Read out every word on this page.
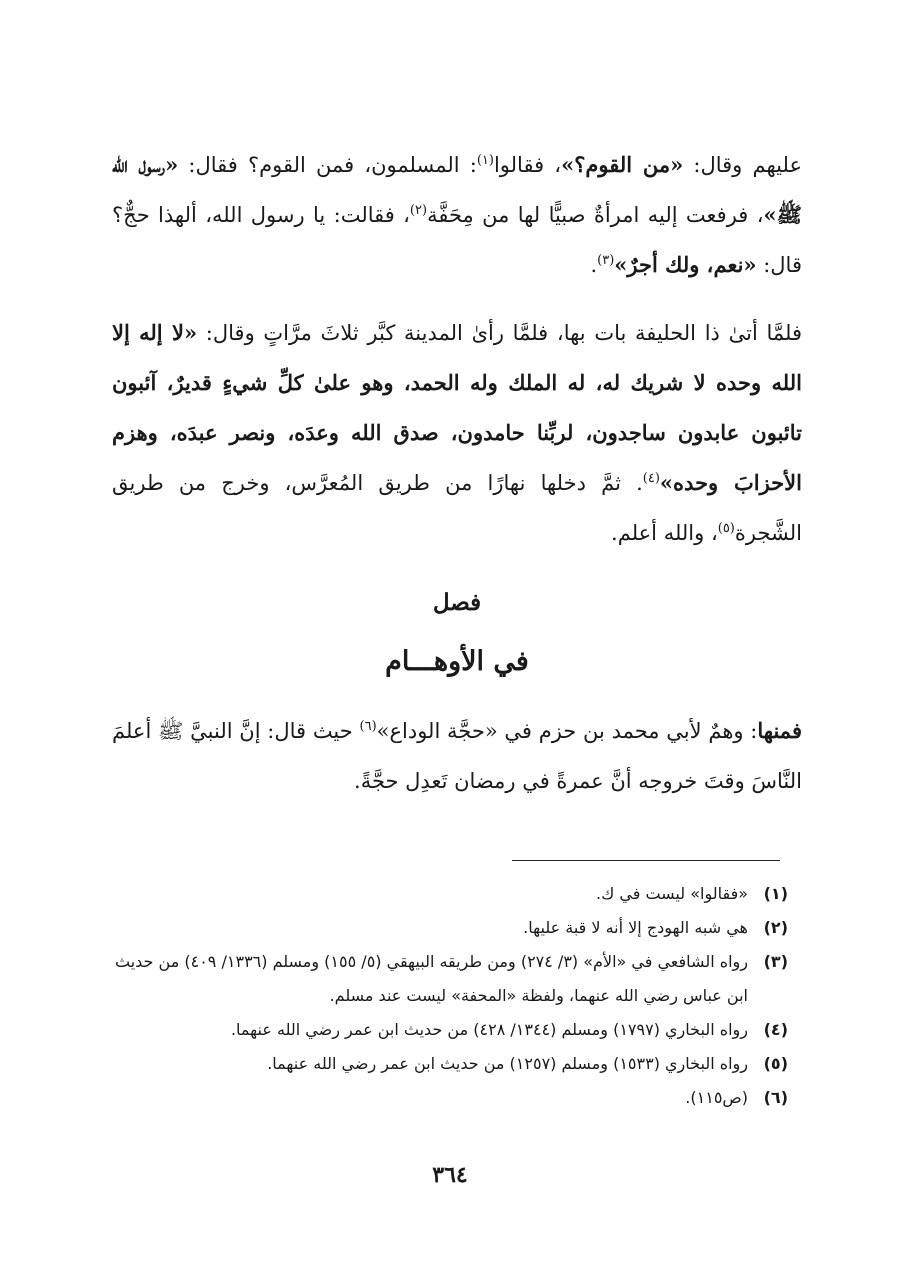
عليهم وقال: «من القوم؟»، فقالوا$^{(١)}$: المسلمون، فمن القوم؟ فقال: «رسول الله ﷺ»، فرفعت إليه امرأةٌ صبيًّا لها من مِحَفَّة$^{(٢)}$، فقالت: يا رسول الله، ألهذا حجٌّ؟ قال: «نعم، ولك أجرٌ»$^{(٣)}$.

فلمَّا أتىٰ ذا الحليفة بات بها، فلمَّا رأىٰ المدينة كبَّر ثلاثَ مرَّاتٍ وقال: «لا إله إلا الله وحده لا شريك له، له الملك وله الحمد، وهو علىٰ كلِّ شيءٍ قديرٌ، آئبون تائبون عابدون ساجدون، لربِّنا حامدون، صدق الله وعدَه، ونصر عبدَه، وهزم الأحزابَ وحده»$^{(٤)}$. ثمَّ دخلها نهارًا من طريق المُعرَّس، وخرج من طريق الشَّجرة$^{(٥)}$، والله أعلم.

فصل
في الأوهـــام

فمنها: وهمٌ لأبي محمد بن حزم في «حجَّة الوداع»$^{(٦)}$ حيث قال: إنَّ النبيَّ ﷺ أعلمَ النَّاسَ وقتَ خروجه أنَّ عمرةً في رمضان تَعدِل حجَّةً.

(١)
«فقالوا» ليست في ك.
(٢)
هي شبه الهودج إلا أنه لا قبة عليها.
(٣)
رواه الشافعي في «الأم» (٣/ ٢٧٤) ومن طريقه البيهقي (٥/ ١٥٥) ومسلم (١٣٣٦/ ٤٠٩) من حديث ابن عباس رضي الله عنهما، ولفظة «المحفة» ليست عند مسلم.
(٤)
رواه البخاري (١٧٩٧) ومسلم (١٣٤٤/ ٤٢٨) من حديث ابن عمر رضي الله عنهما.
(٥)
رواه البخاري (١٥٣٣) ومسلم (١٢٥٧) من حديث ابن عمر رضي الله عنهما.
(٦)
(ص١١٥).
٣٦٤
